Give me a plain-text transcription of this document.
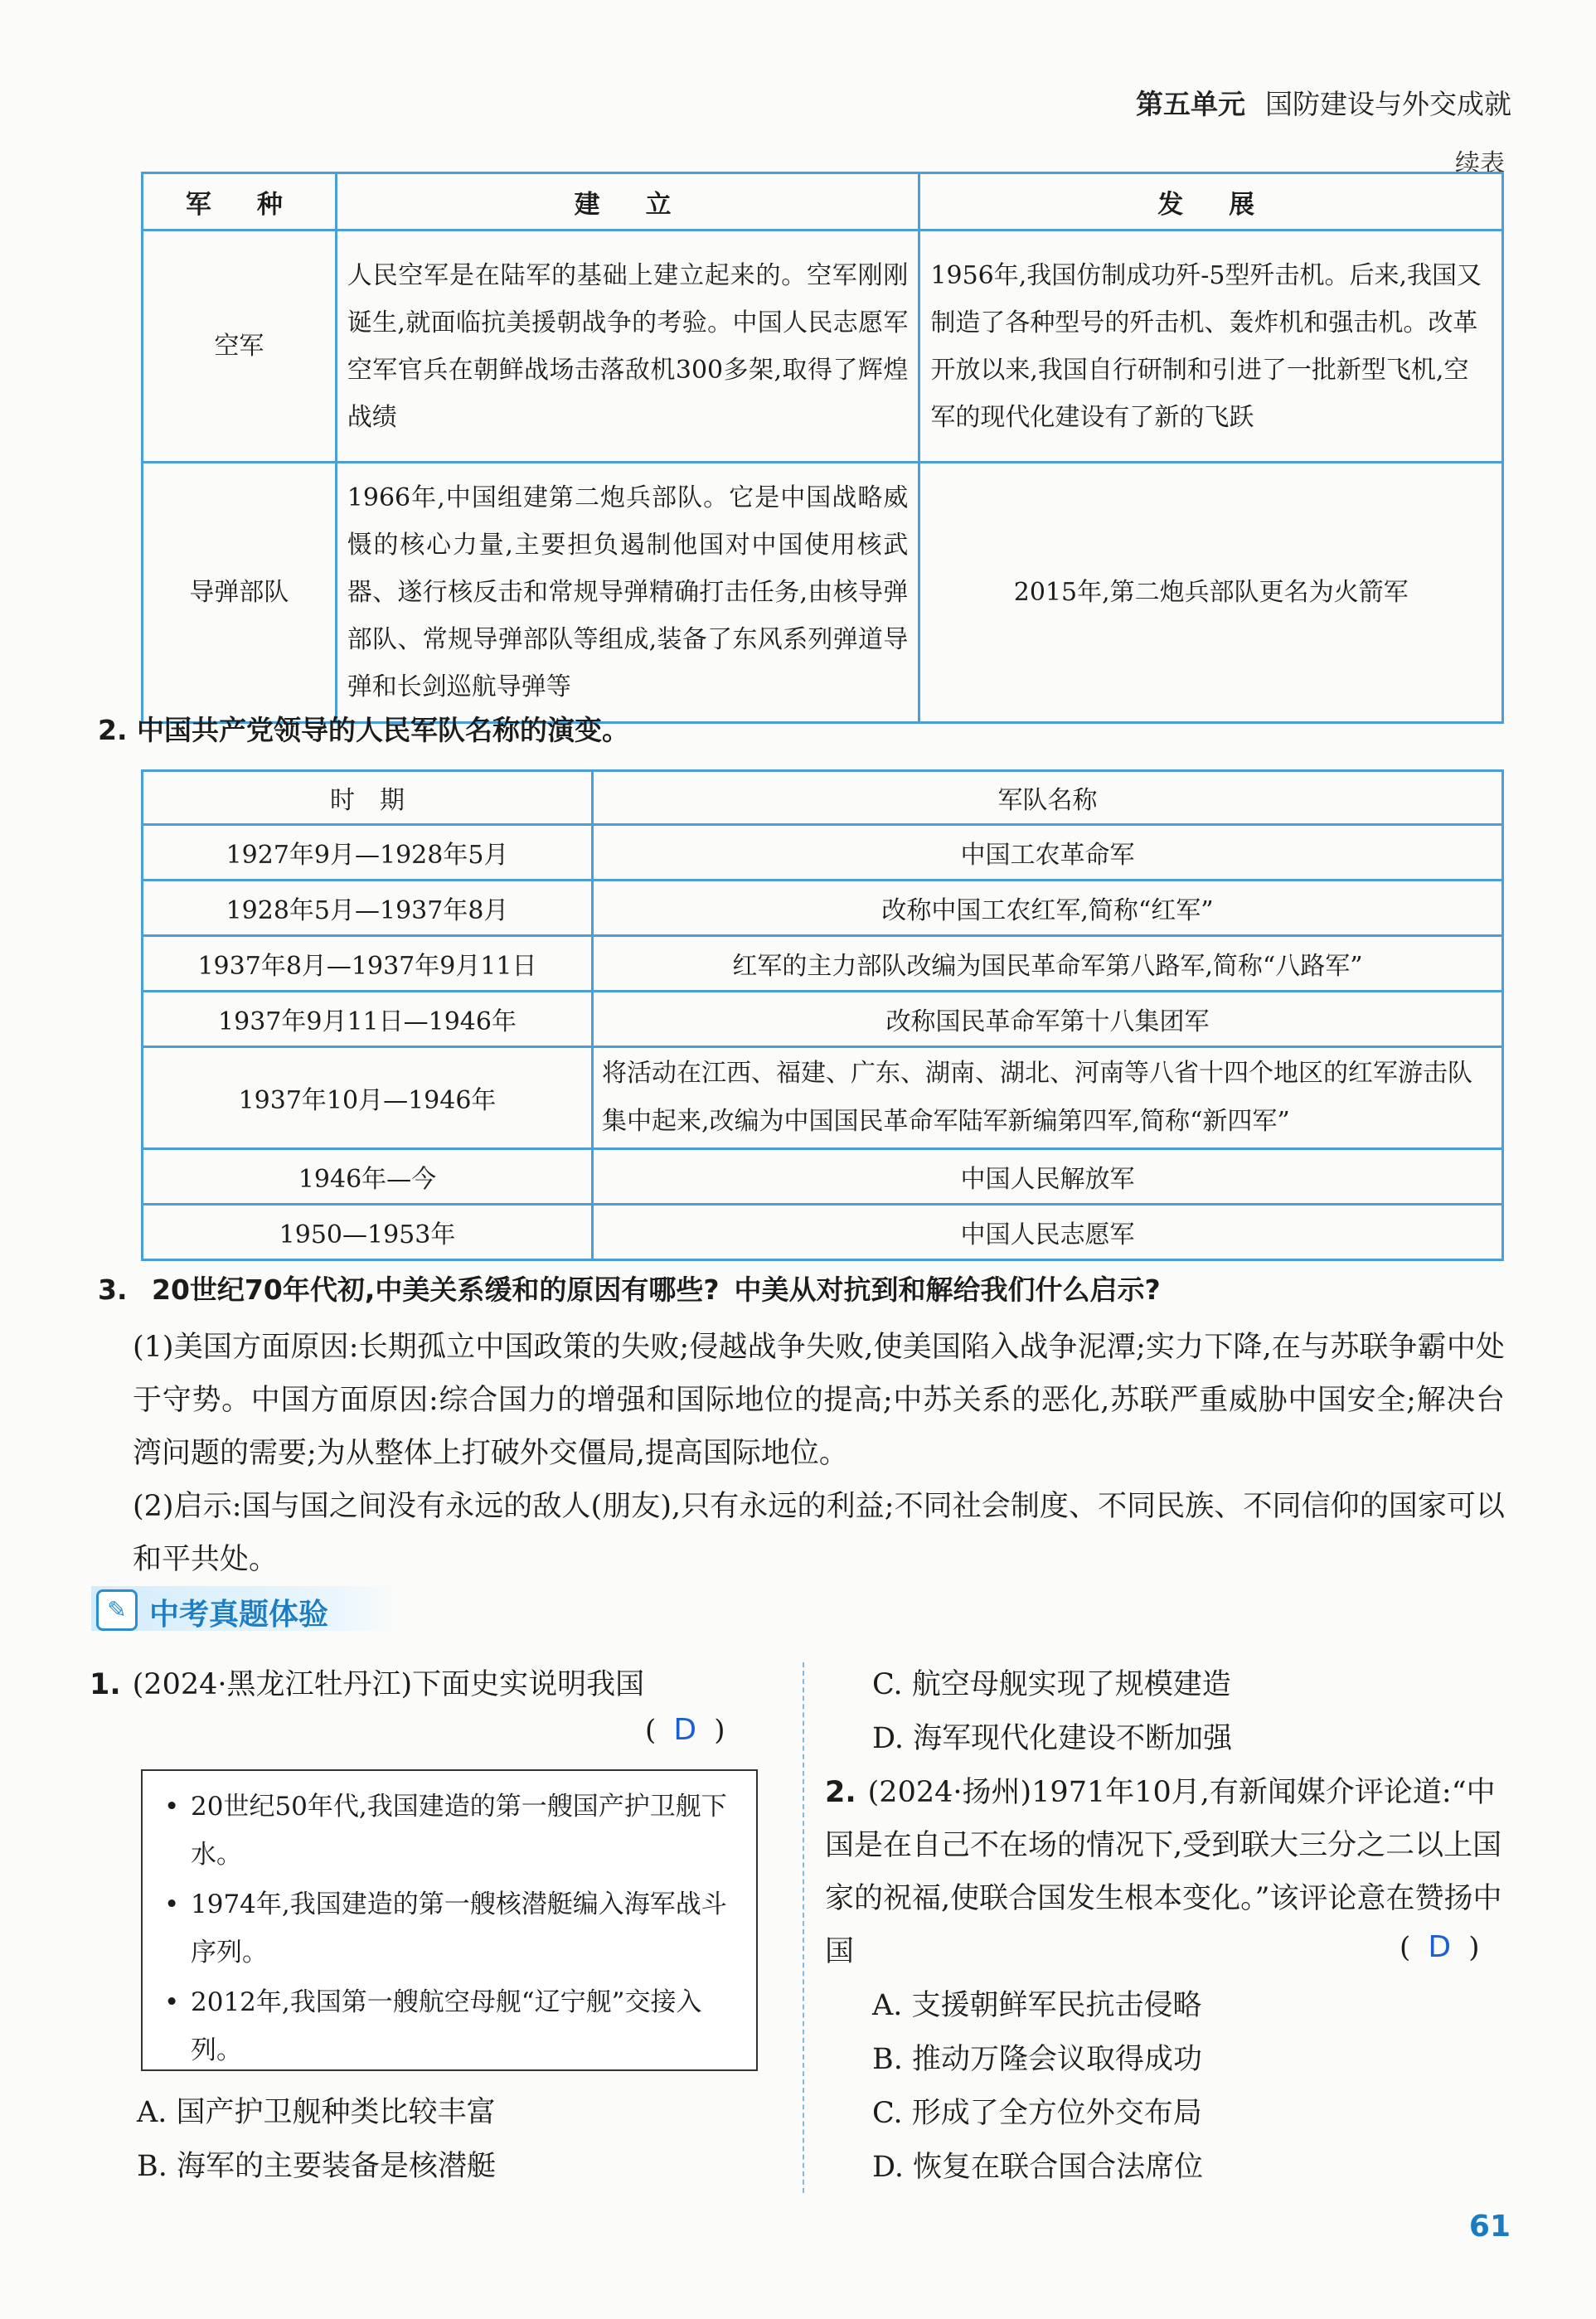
第五单元 国防建设与外交成就
续表
军　种	建　立	发　展
空军	人民空军是在陆军的基础上建立起来的。空军刚刚诞生,就面临抗美援朝战争的考验。中国人民志愿军空军官兵在朝鲜战场击落敌机300多架,取得了辉煌战绩	1956年,我国仿制成功歼-5型歼击机。后来,我国又制造了各种型号的歼击机、轰炸机和强击机。改革开放以来,我国自行研制和引进了一批新型飞机,空军的现代化建设有了新的飞跃
导弹部队	1966年,中国组建第二炮兵部队。它是中国战略威慑的核心力量,主要担负遏制他国对中国使用核武器、遂行核反击和常规导弹精确打击任务,由核导弹部队、常规导弹部队等组成,装备了东风系列弹道导弹和长剑巡航导弹等	2015年,第二炮兵部队更名为火箭军
2. 中国共产党领导的人民军队名称的演变。
时　期	军队名称
1927年9月—1928年5月	中国工农革命军
1928年5月—1937年8月	改称中国工农红军,简称“红军”
1937年8月—1937年9月11日	红军的主力部队改编为国民革命军第八路军,简称“八路军”
1937年9月11日—1946年	改称国民革命军第十八集团军
1937年10月—1946年	将活动在江西、福建、广东、湖南、湖北、河南等八省十四个地区的红军游击队集中起来,改编为中国国民革命军陆军新编第四军,简称“新四军”
1946年—今	中国人民解放军
1950—1953年	中国人民志愿军
3. 20世纪70年代初,中美关系缓和的原因有哪些? 中美从对抗到和解给我们什么启示?
(1)美国方面原因:长期孤立中国政策的失败;侵越战争失败,使美国陷入战争泥潭;实力下降,在与苏联争霸中处于守势。中国方面原因:综合国力的增强和国际地位的提高;中苏关系的恶化,苏联严重威胁中国安全;解决台湾问题的需要;为从整体上打破外交僵局,提高国际地位。
(2)启示:国与国之间没有永远的敌人(朋友),只有永远的利益;不同社会制度、不同民族、不同信仰的国家可以和平共处。
✎ 中考真题体验
1. (2024·黑龙江牡丹江)下面史实说明我国
( D )
• 20世纪50年代,我国建造的第一艘国产护卫舰下水。
• 1974年,我国建造的第一艘核潜艇编入海军战斗序列。
• 2012年,我国第一艘航空母舰“辽宁舰”交接入列。
A. 国产护卫舰种类比较丰富
B. 海军的主要装备是核潜艇
C. 航空母舰实现了规模建造
D. 海军现代化建设不断加强
2. (2024·扬州)1971年10月,有新闻媒介评论道:“中国是在自己不在场的情况下,受到联大三分之二以上国家的祝福,使联合国发生根本变化。”该评论意在赞扬中国	( D )
A. 支援朝鲜军民抗击侵略
B. 推动万隆会议取得成功
C. 形成了全方位外交布局
D. 恢复在联合国合法席位
61
